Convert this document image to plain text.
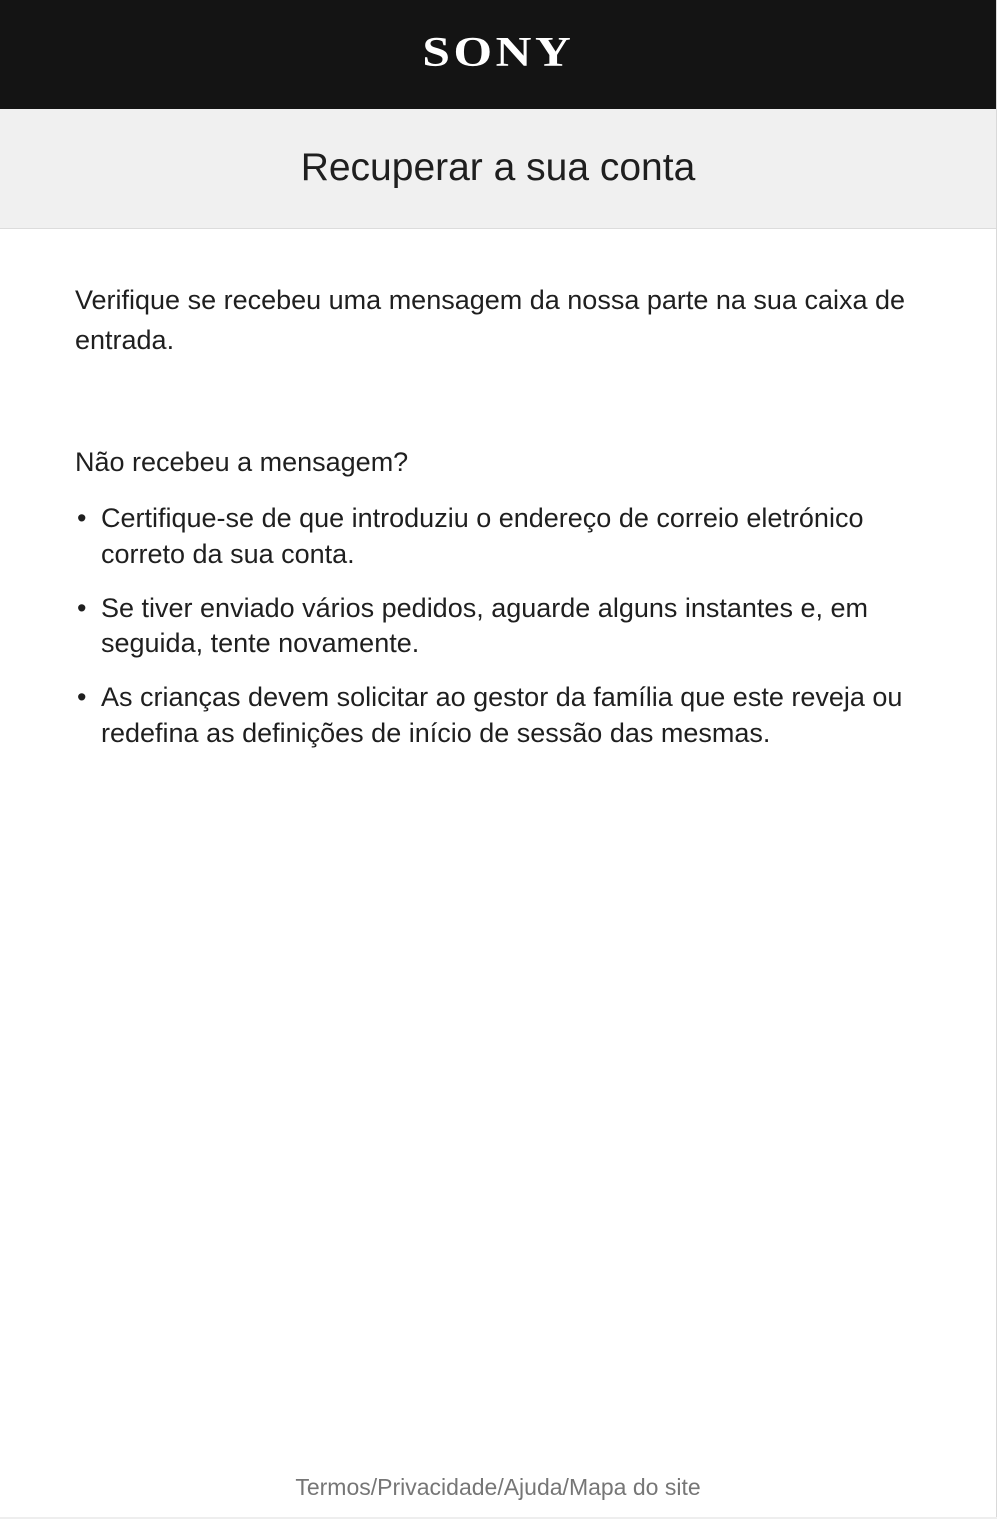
SONY
Recuperar a sua conta

Verifique se recebeu uma mensagem da nossa parte na sua caixa de entrada.

Não recebeu a mensagem?

• Certifique-se de que introduziu o endereço de correio eletrónico correto da sua conta.
• Se tiver enviado vários pedidos, aguarde alguns instantes e, em seguida, tente novamente.
• As crianças devem solicitar ao gestor da família que este reveja ou redefina as definições de início de sessão das mesmas.
Termos/Privacidade/Ajuda/Mapa do site
